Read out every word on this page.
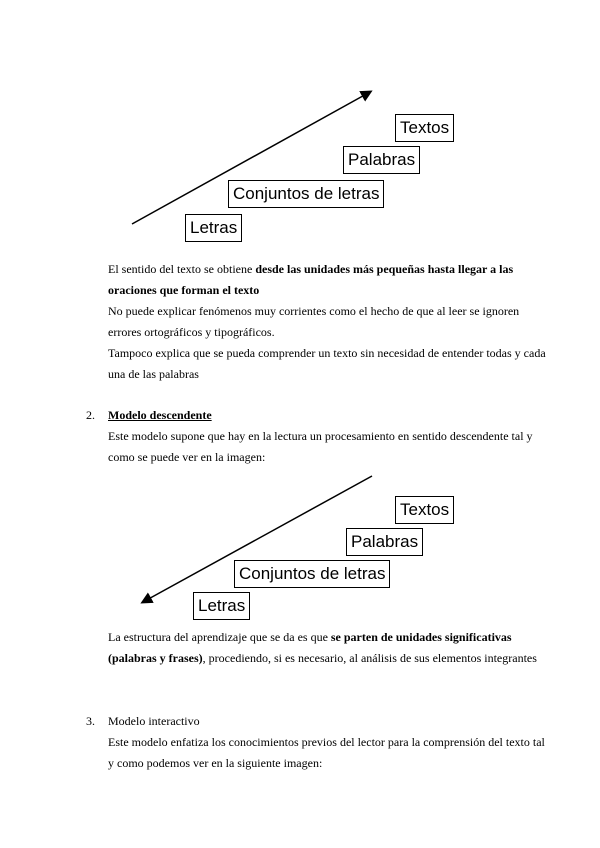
Textos
Palabras
Conjuntos de letras
Letras
El sentido del texto se obtiene desde las unidades más pequeñas hasta llegar a las oraciones que forman el texto
No puede explicar fenómenos muy corrientes como el hecho de que al leer se ignoren errores ortográficos y tipográficos.
Tampoco explica que se pueda comprender un texto sin necesidad de entender todas y cada una de las palabras
2. Modelo descendente
Este modelo supone que hay en la lectura un procesamiento en sentido descendente tal y como se puede ver en la imagen:
Textos
Palabras
Conjuntos de letras
Letras
La estructura del aprendizaje que se da es que se parten de unidades significativas (palabras y frases), procediendo, si es necesario, al análisis de sus elementos integrantes
3. Modelo interactivo
Este modelo enfatiza los conocimientos previos del lector para la comprensión del texto tal y como podemos ver en la siguiente imagen:
